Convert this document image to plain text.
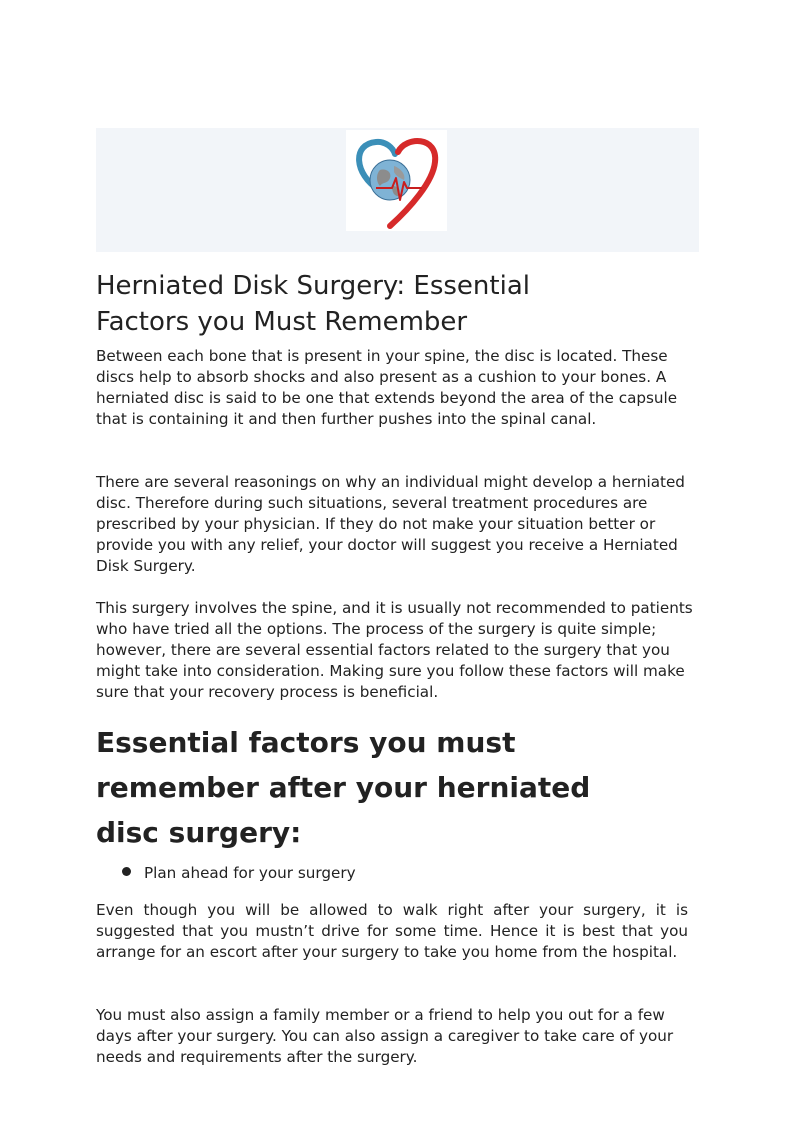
Herniated Disk Surgery: Essential Factors you Must Remember

Between each bone that is present in your spine, the disc is located. These discs help to absorb shocks and also present as a cushion to your bones. A herniated disc is said to be one that extends beyond the area of the capsule that is containing it and then further pushes into the spinal canal.

There are several reasonings on why an individual might develop a herniated disc. Therefore during such situations, several treatment procedures are prescribed by your physician. If they do not make your situation better or provide you with any relief, your doctor will suggest you receive a Herniated Disk Surgery.

This surgery involves the spine, and it is usually not recommended to patients who have tried all the options. The process of the surgery is quite simple; however, there are several essential factors related to the surgery that you might take into consideration. Making sure you follow these factors will make sure that your recovery process is beneficial.

Essential factors you must remember after your herniated disc surgery:
Plan ahead for your surgery

Even though you will be allowed to walk right after your surgery, it is suggested that you mustn’t drive for some time. Hence it is best that you arrange for an escort after your surgery to take you home from the hospital.

You must also assign a family member or a friend to help you out for a few days after your surgery. You can also assign a caregiver to take care of your needs and requirements after the surgery.
